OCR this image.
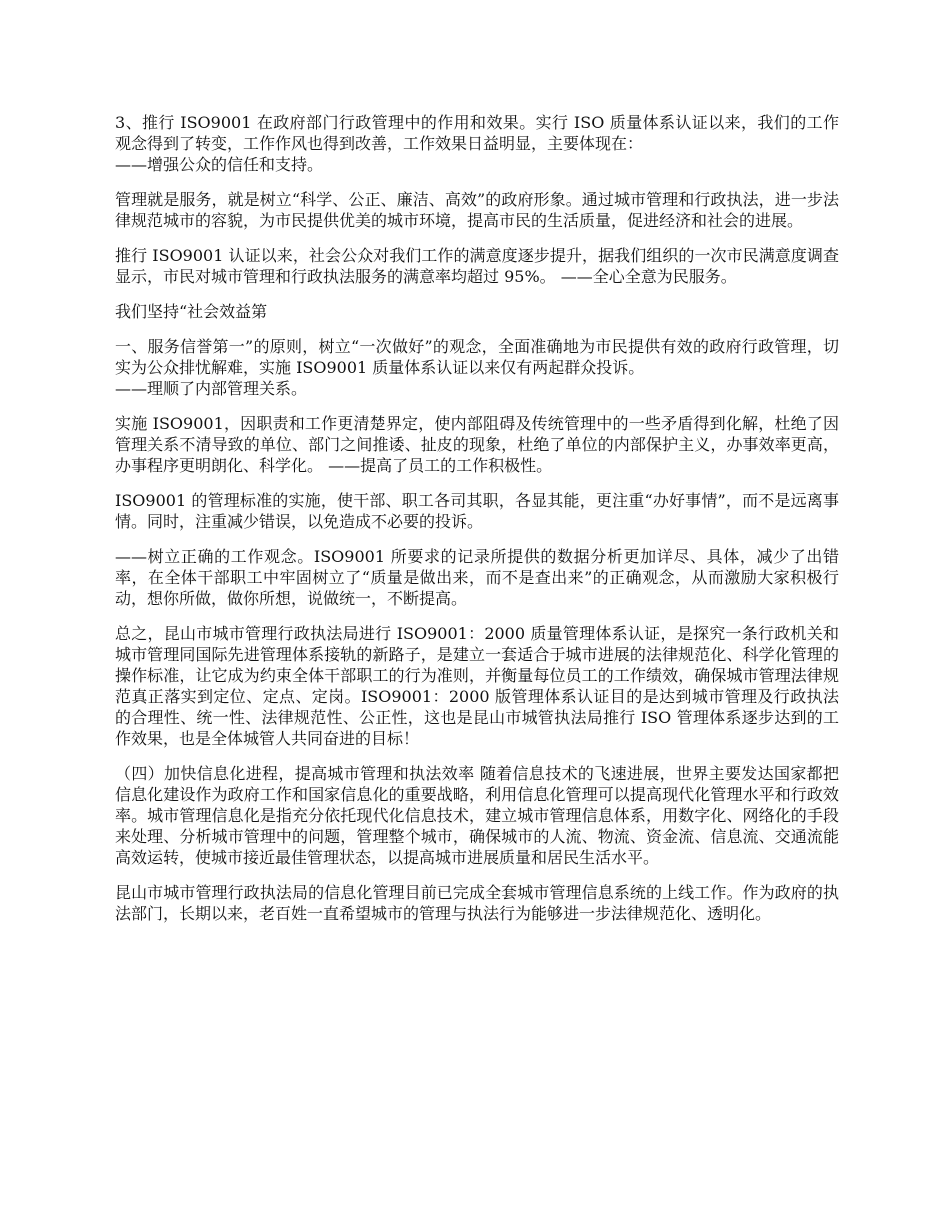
3、推行 ISO9001 在政府部门行政管理中的作用和效果。实行 ISO 质量体系认证以来，我们的工作观念得到了转变，工作作风也得到改善，工作效果日益明显，主要体现在：
——增强公众的信任和支持。

管理就是服务，就是树立“科学、公正、廉洁、高效”的政府形象。通过城市管理和行政执法，进一步法律规范城市的容貌，为市民提供优美的城市环境，提高市民的生活质量，促进经济和社会的进展。

推行 ISO9001 认证以来，社会公众对我们工作的满意度逐步提升，据我们组织的一次市民满意度调查显示，市民对城市管理和行政执法服务的满意率均超过 95%。 ——全心全意为民服务。

我们坚持“社会效益第

一、服务信誉第一”的原则，树立“一次做好”的观念，全面准确地为市民提供有效的政府行政管理，切实为公众排忧解难，实施 ISO9001 质量体系认证以来仅有两起群众投诉。
——理顺了内部管理关系。

实施 ISO9001，因职责和工作更清楚界定，使内部阻碍及传统管理中的一些矛盾得到化解，杜绝了因管理关系不清导致的单位、部门之间推诿、扯皮的现象，杜绝了单位的内部保护主义，办事效率更高，办事程序更明朗化、科学化。 ——提高了员工的工作积极性。

ISO9001 的管理标准的实施，使干部、职工各司其职，各显其能，更注重“办好事情”，而不是远离事情。同时，注重减少错误，以免造成不必要的投诉。

——树立正确的工作观念。ISO9001 所要求的记录所提供的数据分析更加详尽、具体，减少了出错率，在全体干部职工中牢固树立了“质量是做出来，而不是查出来”的正确观念，从而激励大家积极行动，想你所做，做你所想，说做统一，不断提高。

总之，昆山市城市管理行政执法局进行 ISO9001：2000 质量管理体系认证，是探究一条行政机关和城市管理同国际先进管理体系接轨的新路子，是建立一套适合于城市进展的法律规范化、科学化管理的操作标准，让它成为约束全体干部职工的行为准则，并衡量每位员工的工作绩效，确保城市管理法律规范真正落实到定位、定点、定岗。ISO9001：2000 版管理体系认证目的是达到城市管理及行政执法的合理性、统一性、法律规范性、公正性，这也是昆山市城管执法局推行 ISO 管理体系逐步达到的工作效果，也是全体城管人共同奋进的目标！

（四）加快信息化进程，提高城市管理和执法效率 随着信息技术的飞速进展，世界主要发达国家都把信息化建设作为政府工作和国家信息化的重要战略，利用信息化管理可以提高现代化管理水平和行政效率。城市管理信息化是指充分依托现代化信息技术，建立城市管理信息体系，用数字化、网络化的手段来处理、分析城市管理中的问题，管理整个城市，确保城市的人流、物流、资金流、信息流、交通流能高效运转，使城市接近最佳管理状态，以提高城市进展质量和居民生活水平。

昆山市城市管理行政执法局的信息化管理目前已完成全套城市管理信息系统的上线工作。作为政府的执法部门，长期以来，老百姓一直希望城市的管理与执法行为能够进一步法律规范化、透明化。
